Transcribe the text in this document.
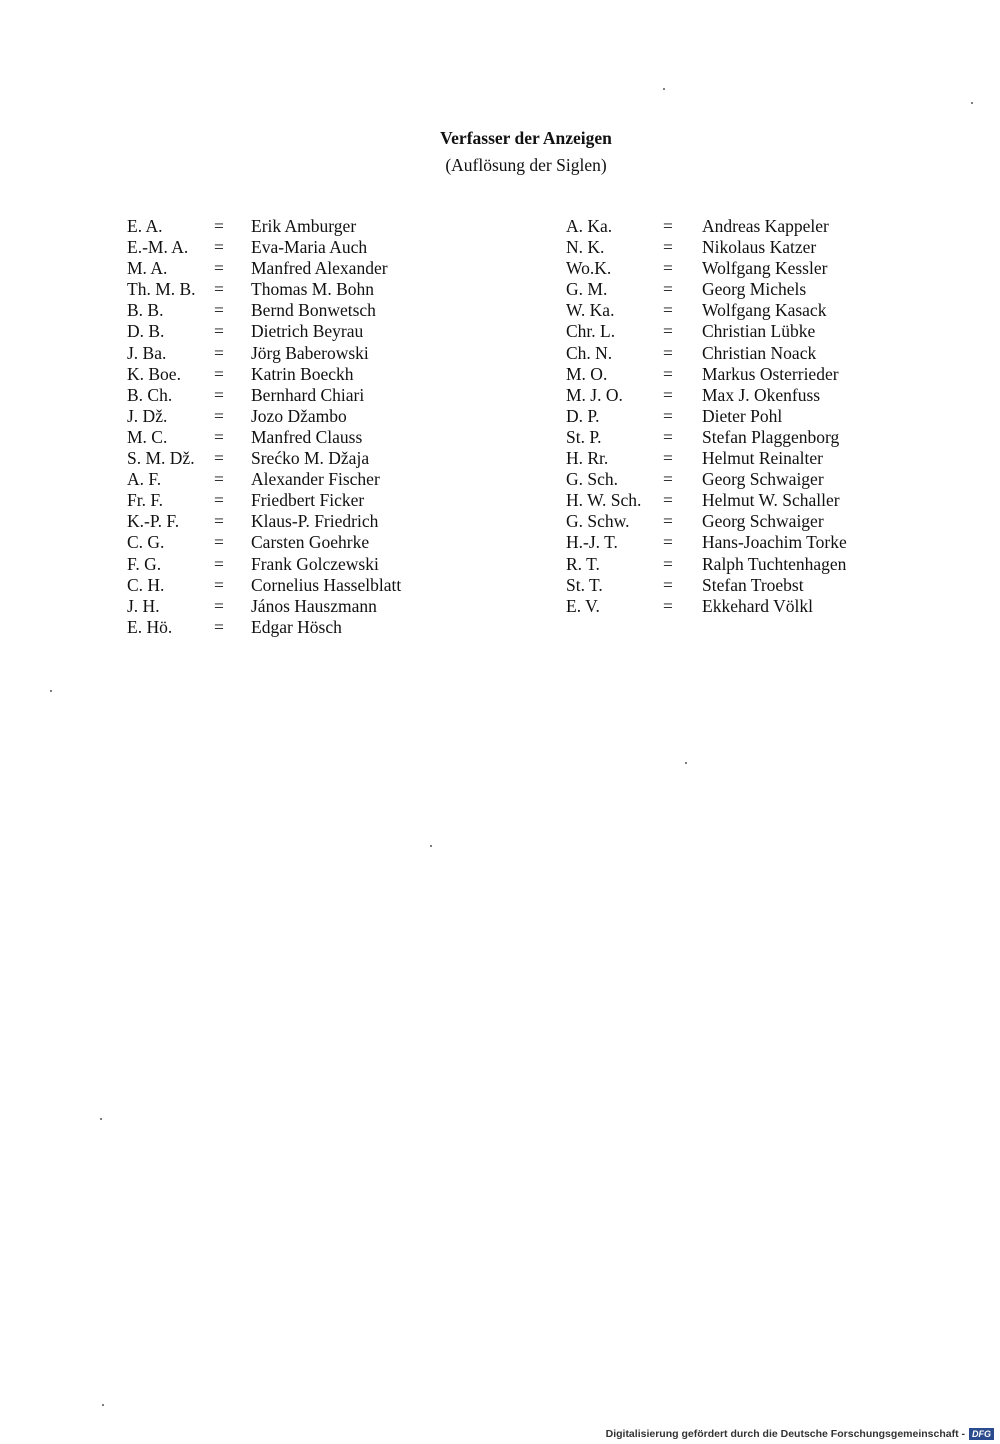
Verfasser der Anzeigen
(Auflösung der Siglen)
E. A.	= Erik Amburger
E.-M. A. = Eva-Maria Auch
M. A.	= Manfred Alexander
Th. M. B. = Thomas M. Bohn
B. B.	= Bernd Bonwetsch
D. B.	= Dietrich Beyrau
J. Ba.	= Jörg Baberowski
K. Boe. = Katrin Boeckh
B. Ch. = Bernhard Chiari
J. Dž.	= Jozo Džambo
M. C.	= Manfred Clauss
S. M. Dž. = Srećko M. Džaja
A. F.	= Alexander Fischer
Fr. F.	= Friedbert Ficker
K.-P. F. = Klaus-P. Friedrich
C. G.	= Carsten Goehrke
F. G.	= Frank Golczewski
C. H.	= Cornelius Hasselblatt
J. H.	= János Hauszmann
E. Hö. = Edgar Hösch
A. Ka.	= Andreas Kappeler
N. K.	= Nikolaus Katzer
Wo.K.	= Wolfgang Kessler
G. M.	= Georg Michels
W. Ka.	= Wolfgang Kasack
Chr. L.	= Christian Lübke
Ch. N.	= Christian Noack
M. O.	= Markus Osterrieder
M. J. O. = Max J. Okenfuss
D. P.	= Dieter Pohl
St. P.	= Stefan Plaggenborg
H. Rr.	= Helmut Reinalter
G. Sch.	= Georg Schwaiger
H. W. Sch. = Helmut W. Schaller
G. Schw. = Georg Schwaiger
H.-J. T.	= Hans-Joachim Torke
R. T.	= Ralph Tuchtenhagen
St. T.	= Stefan Troebst
E. V.	= Ekkehard Völkl
Digitalisierung gefördert durch die Deutsche Forschungsgemeinschaft - DFG
